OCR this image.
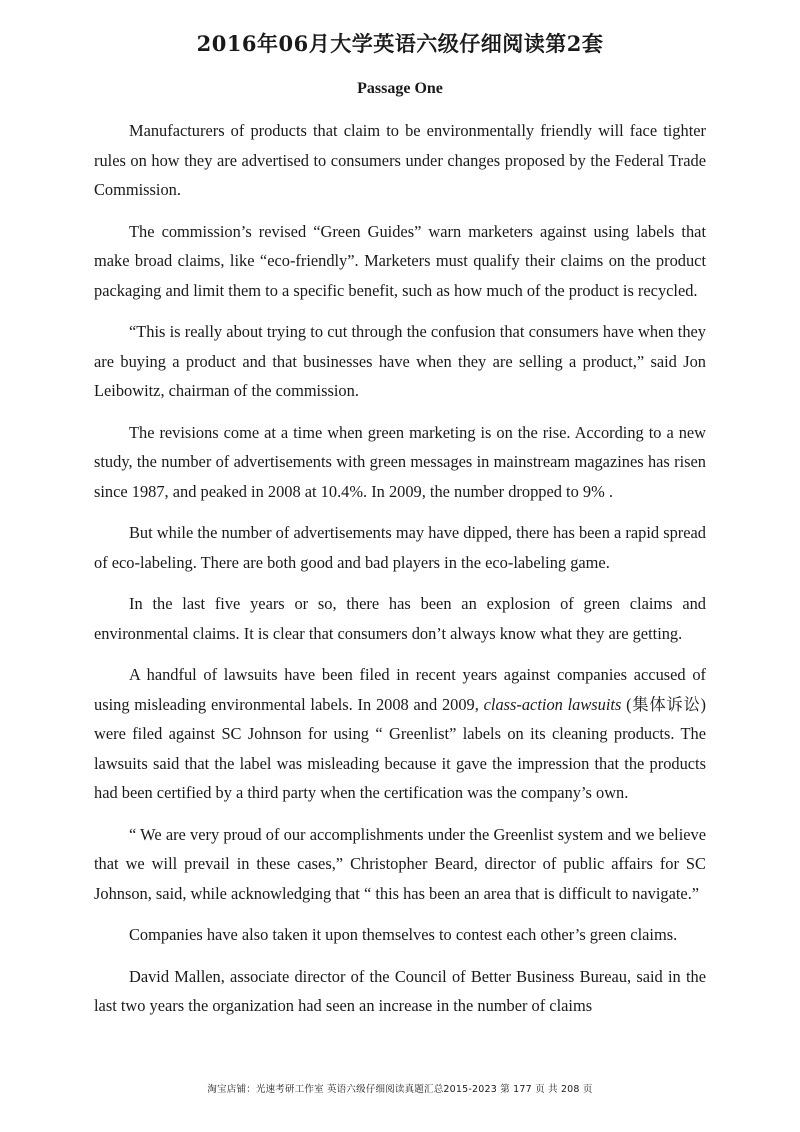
2016年06月大学英语六级仔细阅读第2套
Passage One

Manufacturers of products that claim to be environmentally friendly will face tighter rules on how they are advertised to consumers under changes proposed by the Federal Trade Commission.

The commission’s revised “Green Guides” warn marketers against using labels that make broad claims, like “eco-friendly”. Marketers must qualify their claims on the product packaging and limit them to a specific benefit, such as how much of the product is recycled.

“This is really about trying to cut through the confusion that consumers have when they are buying a product and that businesses have when they are selling a product,” said Jon Leibowitz, chairman of the commission.

The revisions come at a time when green marketing is on the rise. According to a new study, the number of advertisements with green messages in mainstream magazines has risen since 1987, and peaked in 2008 at 10.4%. In 2009, the number dropped to 9% .

But while the number of advertisements may have dipped, there has been a rapid spread of eco-labeling. There are both good and bad players in the eco-labeling game.

In the last five years or so, there has been an explosion of green claims and environmental claims. It is clear that consumers don’t always know what they are getting.

A handful of lawsuits have been filed in recent years against companies accused of using misleading environmental labels. In 2008 and 2009, class-action lawsuits (集体诉讼) were filed against SC Johnson for using “ Greenlist” labels on its cleaning products. The lawsuits said that the label was misleading because it gave the impression that the products had been certified by a third party when the certification was the company’s own.

“ We are very proud of our accomplishments under the Greenlist system and we believe that we will prevail in these cases,” Christopher Beard, director of public affairs for SC Johnson, said, while acknowledging that “ this has been an area that is difficult to navigate.”

Companies have also taken it upon themselves to contest each other’s green claims.

David Mallen, associate director of the Council of Better Business Bureau, said in the last two years the organization had seen an increase in the number of claims

淘宝店铺：光速考研工作室 英语六级仔细阅读真题汇总2015-2023 第 177 页 共 208 页
